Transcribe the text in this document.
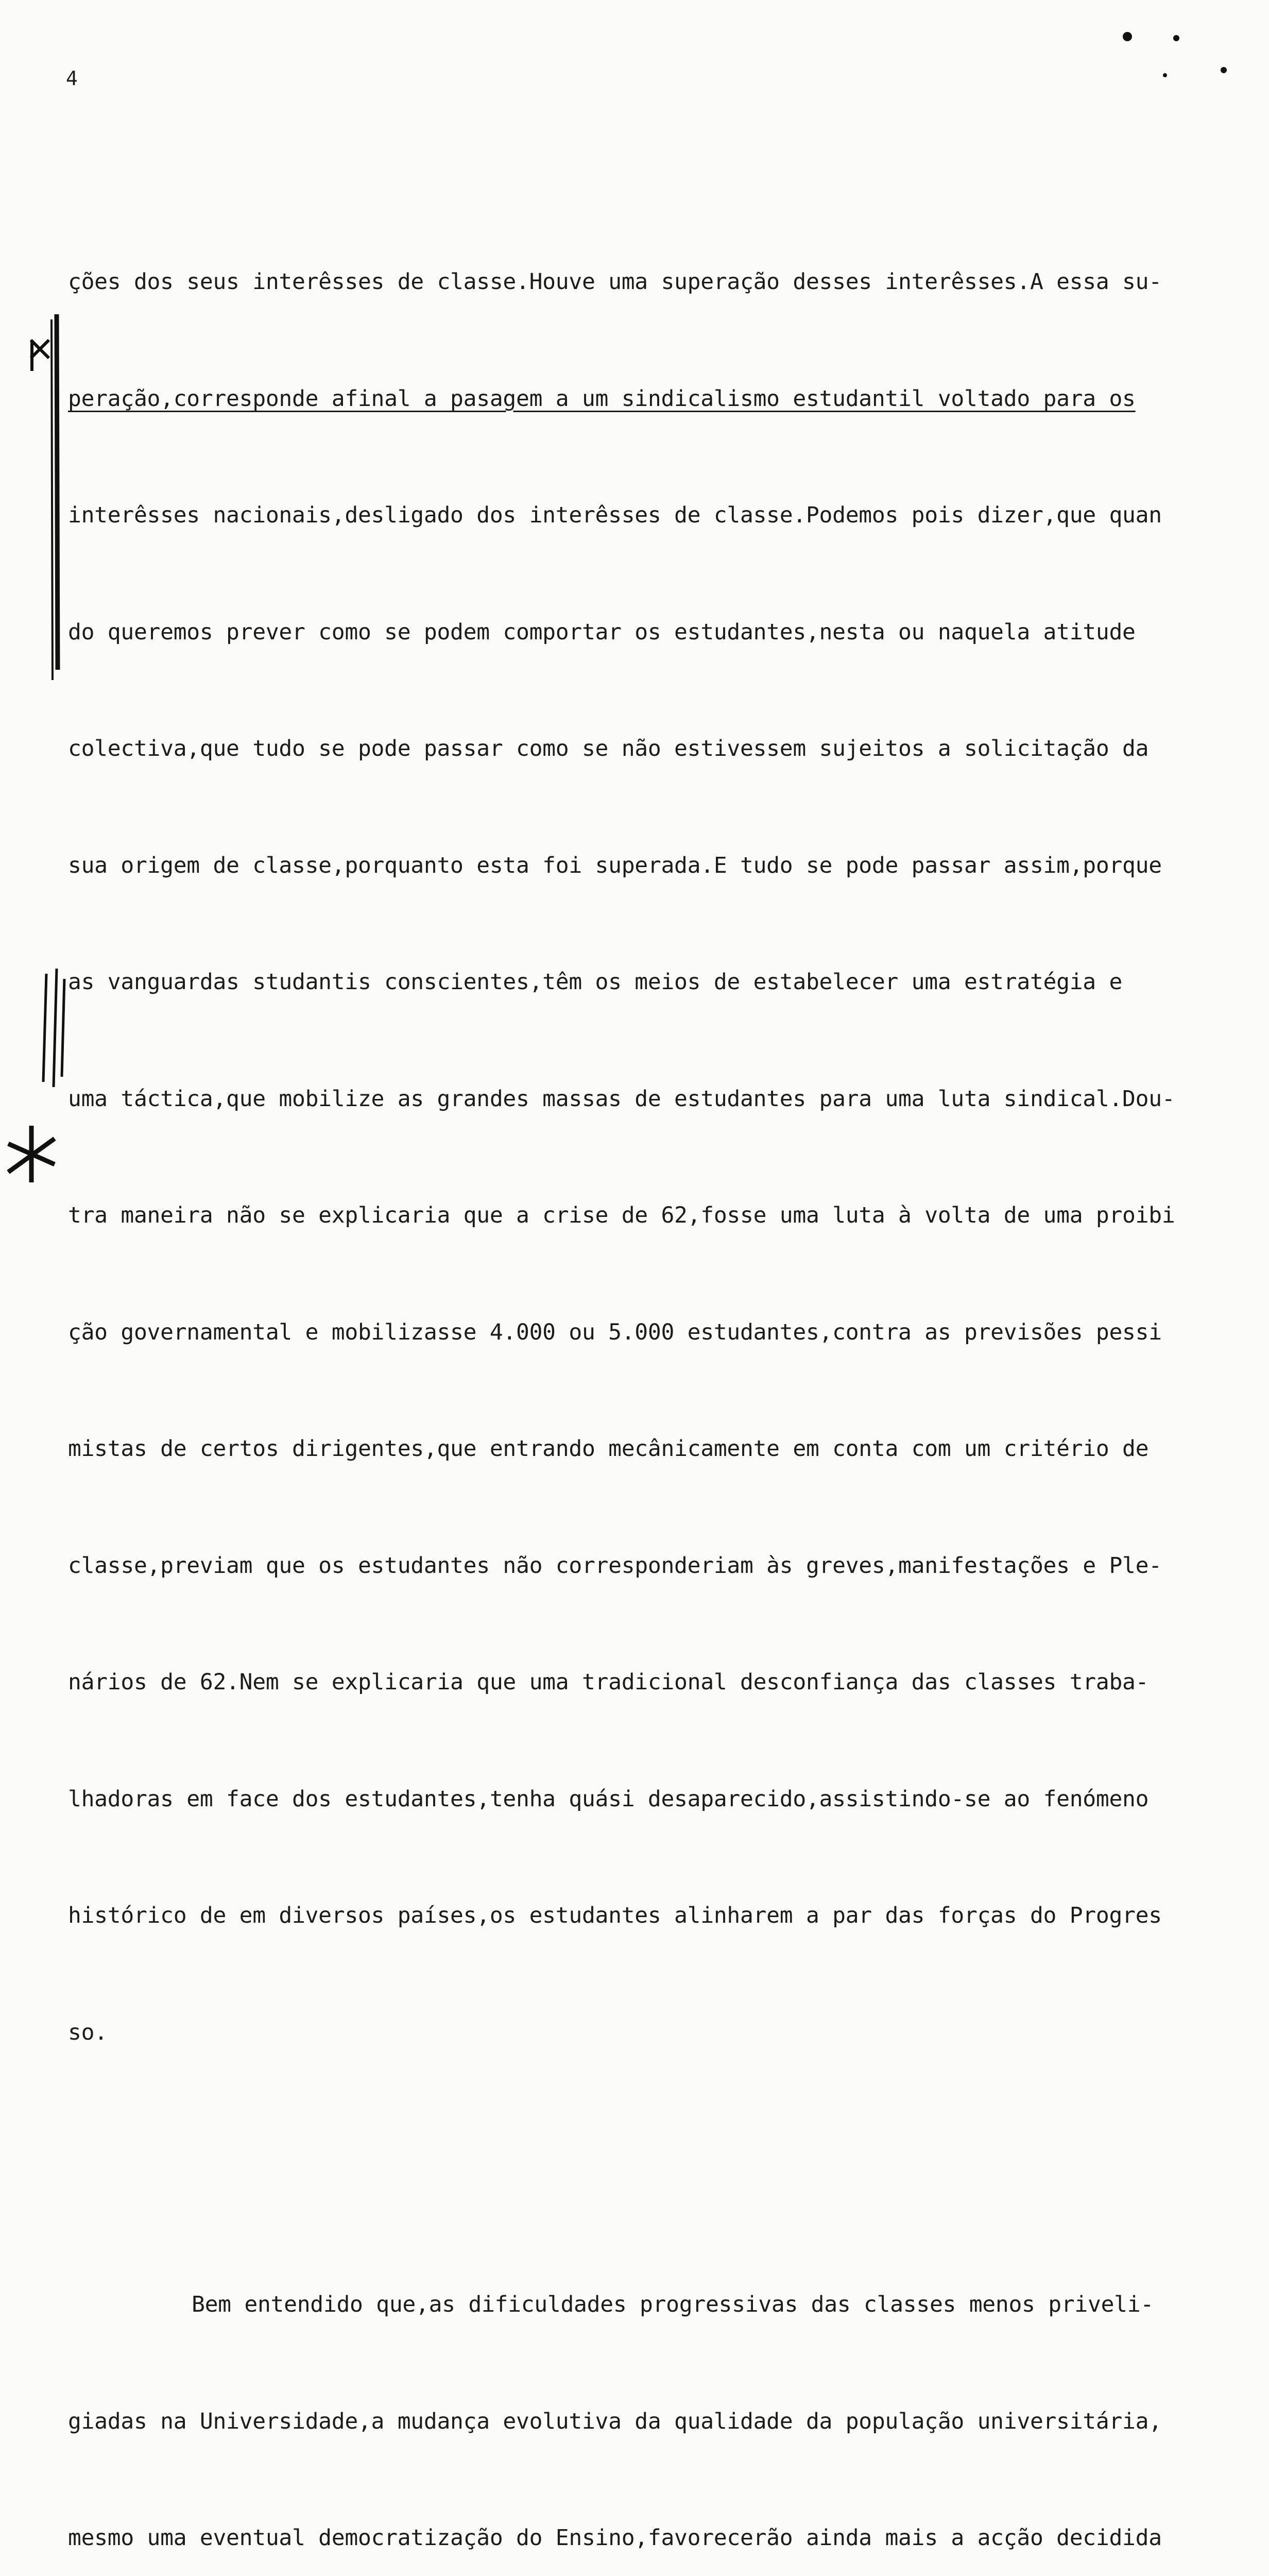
4

ções dos seus interêsses de classe.Houve uma superação desses interêsses.A essa su-

peração,corresponde afinal a pasagem a um sindicalismo estudantil voltado para os

interêsses nacionais,desligado dos interêsses de classe.Podemos pois dizer,que quan

do queremos prever como se podem comportar os estudantes,nesta ou naquela atitude

colectiva,que tudo se pode passar como se não estivessem sujeitos a solicitação da

sua origem de classe,porquanto esta foi superada.E tudo se pode passar assim,porque

as vanguardas studantis conscientes,têm os meios de estabelecer uma estratégia e

uma táctica,que mobilize as grandes massas de estudantes para uma luta sindical.Dou-

tra maneira não se explicaria que a crise de 62,fosse uma luta à volta de uma proibi

ção governamental e mobilizasse 4.000 ou 5.000 estudantes,contra as previsões pessi

mistas de certos dirigentes,que entrando mecânicamente em conta com um critério de

classe,previam que os estudantes não corresponderiam às greves,manifestações e Ple-

nários de 62.Nem se explicaria que uma tradicional desconfiança das classes traba-

lhadoras em face dos estudantes,tenha quási desaparecido,assistindo-se ao fenómeno

histórico de em diversos países,os estudantes alinharem a par das forças do Progres

so.

Bem entendido que,as dificuldades progressivas das classes menos priveli-

giadas na Universidade,a mudança evolutiva da qualidade da população universitária,

mesmo uma eventual democratização do Ensino,favorecerão ainda mais a acção decidida
